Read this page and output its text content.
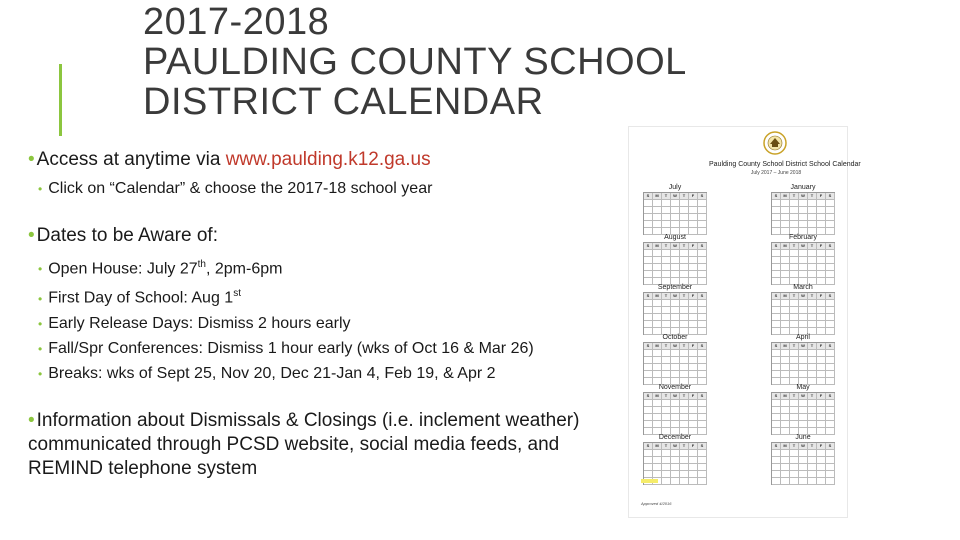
2017-2018
PAULDING COUNTY SCHOOL
DISTRICT CALENDAR

• Access at anytime via www.paulding.k12.ga.us

• Click on “Calendar” & choose the 2017-18 school year

• Dates to be Aware of:

• Open House: July 27th, 2pm-6pm
• First Day of School: Aug 1st
• Early Release Days: Dismiss 2 hours early
• Fall/Spr Conferences: Dismiss 1 hour early (wks of Oct 16 & Mar 26)
• Breaks: wks of Sept 25, Nov 20, Dec 21-Jan 4, Feb 19, & Apr 2

• Information about Dismissals & Closings (i.e. inclement weather) communicated through PCSD website, social media feeds, and REMIND telephone system

Paulding County School District School Calendar
July 2017 – June 2018
July
S	M	T	W	T	F	S
August
S	M	T	W	T	F	S
September
S	M	T	W	T	F	S
October
S	M	T	W	T	F	S
November
S	M	T	W	T	F	S
December
S	M	T	W	T	F	S
January
S	M	T	W	T	F	S
February
S	M	T	W	T	F	S
March
S	M	T	W	T	F	S
April
S	M	T	W	T	F	S
May
S	M	T	W	T	F	S
June
S	M	T	W	T	F	S

Approved 4/2016
